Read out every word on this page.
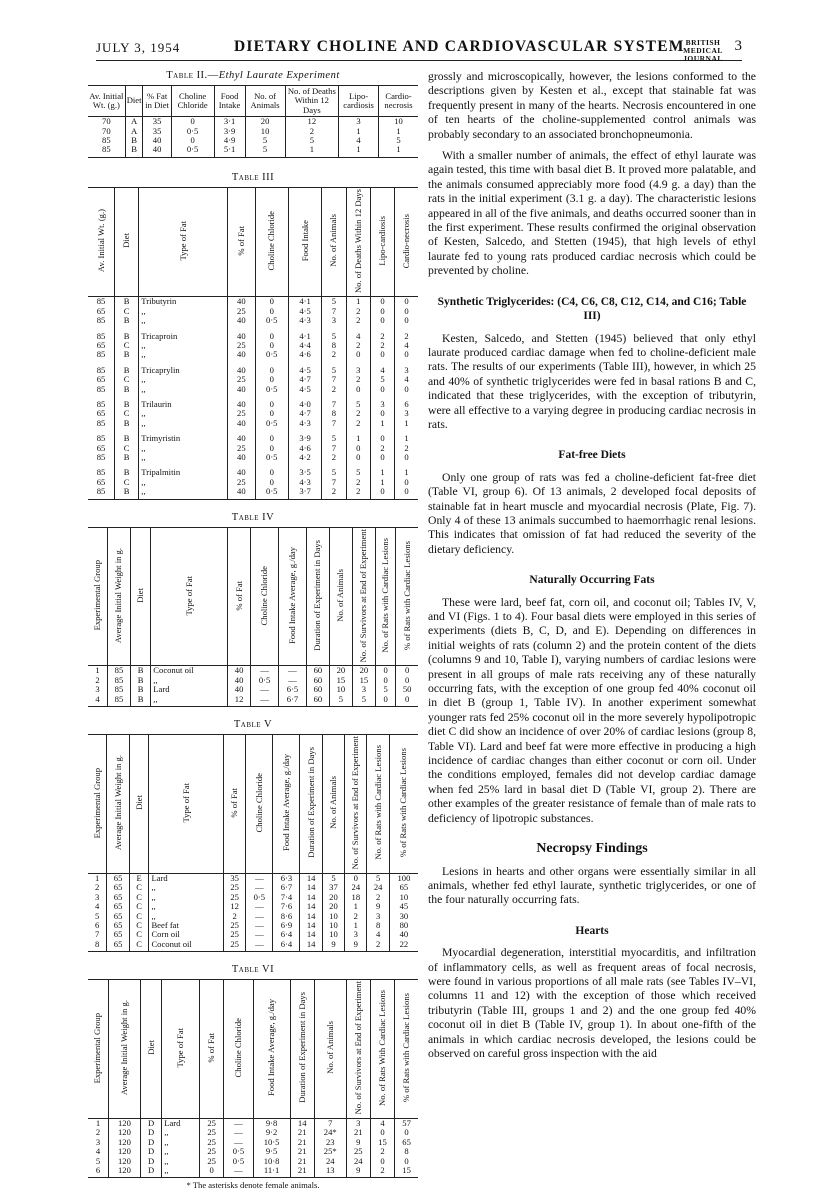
JULY 3, 1954	DIETARY CHOLINE AND CARDIOVASCULAR SYSTEM BRITISH MEDICAL JOURNAL
3
Table II.—Ethyl Laurate Experiment
Av. Initial Wt. (g.)	Diet	% Fat in Diet	Choline Chloride	Food Intake	No. of Animals	No. of Deaths Within 12 Days	Lipo-cardiosis	Cardio-necrosis
70	A	35	0	3·1	20	12	3	10
70	A	35	0·5	3·9	10	2	1	1
85	B	40	0	4·9	5	5	4	5
85	B	40	0·5	5·1	5	1	1	1
Table III
Av. Initial Wt. (g.)	Diet	Type of Fat	% of Fat	Choline Chloride	Food Intake	No. of Animals	No. of Deaths Within 12 Days	Lipo-cardiosis	Cardio-necrosis
85	B	Tributyrin	40	0	4·1	5	1	0	0
65	C	,,	25	0	4·5	7	2	0	0
85	B	,,	40	0·5	4·3	3	2	0	0
85	B	Tricaproin	40	0	4·1	5	4	2	2
65	C	,,	25	0	4·4	8	2	2	4
85	B	,,	40	0·5	4·6	2	0	0	0
85	B	Tricaprylin	40	0	4·5	5	3	4	3
65	C	,,	25	0	4·7	7	2	5	4
85	B	,,	40	0·5	4·5	2	0	0	0
85	B	Trilaurin	40	0	4·0	7	5	3	6
65	C	,,	25	0	4·7	8	2	0	3
85	B	,,	40	0·5	4·3	7	2	1	1
85	B	Trimyristin	40	0	3·9	5	1	0	1
65	C	,,	25	0	4·6	7	0	2	2
85	B	,,	40	0·5	4·2	2	0	0	0
85	B	Tripalmitin	40	0	3·5	5	5	1	1
65	C	,,	25	0	4·3	7	2	1	0
85	B	,,	40	0·5	3·7	2	2	0	0
Table IV
Experimental Group	Average Initial Weight in g.	Diet	Type of Fat	% of Fat	Choline Chloride	Food Intake Average, g./day	Duration of Experiment in Days	No. of Animals	No. of Survivors at End of Experiment	No. of Rats with Cardiac Lesions	% of Rats with Cardiac Lesions
1	85	B	Coconut oil	40	—	—	60	20	20	0	0
2	85	B	,,	40	0·5	—	60	15	15	0	0
3	85	B	Lard	40	—	6·5	60	10	3	5	50
4	85	B	,,	12	—	6·7	60	5	5	0	0
Table V
Experimental Group	Average Initial Weight in g.	Diet	Type of Fat	% of Fat	Choline Chloride	Food Intake Average, g./day	Duration of Experiment in Days	No. of Animals	No. of Survivors at End of Experiment	No. of Rats with Cardiac Lesions	% of Rats with Cardiac Lesions
1	65	E	Lard	35	—	6·3	14	5	0	5	100
2	65	C	,,	25	—	6·7	14	37	24	24	65
3	65	C	,,	25	0·5	7·4	14	20	18	2	10
4	65	C	,,	12	—	7·6	14	20	1	9	45
5	65	C	,,	2	—	8·6	14	10	2	3	30
6	65	C	Beef fat	25	—	6·9	14	10	1	8	80
7	65	C	Corn oil	25	—	6·4	14	10	3	4	40
8	65	C	Coconut oil	25	—	6·4	14	9	9	2	22
Table VI
Experimental Group	Average Initial Weight in g.	Diet	Type of Fat	% of Fat	Choline Chloride	Food Intake Average, g./day	Duration of Experiment in Days	No. of Animals	No. of Survivors at End of Experiment	No. of Rats With Cardiac Lesions	% of Rats with Cardiac Lesions
1	120	D	Lard	25	—	9·8	14	7	3	4	57
2	120	D	,,	25	—	9·2	21	24*	21	0	0
3	120	D	,,	25	—	10·5	21	23	9	15	65
4	120	D	,,	25	0·5	9·5	21	25*	25	2	8
5	120	D	,,	25	0·5	10·8	21	24	24	0	0
6	120	D	,,	0	—	11·1	21	13	9	2	15
* The asterisks denote female animals.

grossly and microscopically, however, the lesions conformed to the descriptions given by Kesten et al., except that stainable fat was frequently present in many of the hearts. Necrosis encountered in one of ten hearts of the choline-supplemented control animals was probably secondary to an associated bronchopneumonia.

With a smaller number of animals, the effect of ethyl laurate was again tested, this time with basal diet B. It proved more palatable, and the animals consumed appreciably more food (4.9 g. a day) than the rats in the initial experiment (3.1 g. a day). The characteristic lesions appeared in all of the five animals, and deaths occurred sooner than in the first experiment. These results confirmed the original observation of Kesten, Salcedo, and Stetten (1945), that high levels of ethyl laurate fed to young rats produced cardiac necrosis which could be prevented by choline.

Synthetic Triglycerides: (C4, C6, C8, C12, C14, and C16; Table III)

Kesten, Salcedo, and Stetten (1945) believed that only ethyl laurate produced cardiac damage when fed to choline-deficient male rats. The results of our experiments (Table III), however, in which 25 and 40% of synthetic triglycerides were fed in basal rations B and C, indicated that these triglycerides, with the exception of tributyrin, were all effective to a varying degree in producing cardiac necrosis in rats.

Fat-free Diets

Only one group of rats was fed a choline-deficient fat-free diet (Table VI, group 6). Of 13 animals, 2 developed focal deposits of stainable fat in heart muscle and myocardial necrosis (Plate, Fig. 7). Only 4 of these 13 animals succumbed to haemorrhagic renal lesions. This indicates that omission of fat had reduced the severity of the dietary deficiency.

Naturally Occurring Fats

These were lard, beef fat, corn oil, and coconut oil; Tables IV, V, and VI (Figs. 1 to 4). Four basal diets were employed in this series of experiments (diets B, C, D, and E). Depending on differences in initial weights of rats (column 2) and the protein content of the diets (columns 9 and 10, Table I), varying numbers of cardiac lesions were present in all groups of male rats receiving any of these naturally occurring fats, with the exception of one group fed 40% coconut oil in diet B (group 1, Table IV). In another experiment somewhat younger rats fed 25% coconut oil in the more severely hypolipotropic diet C did show an incidence of over 20% of cardiac lesions (group 8, Table VI). Lard and beef fat were more effective in producing a high incidence of cardiac changes than either coconut or corn oil. Under the conditions employed, females did not develop cardiac damage when fed 25% lard in basal diet D (Table VI, group 2). There are other examples of the greater resistance of female than of male rats to deficiency of lipotropic substances.

Necropsy Findings

Lesions in hearts and other organs were essentially similar in all animals, whether fed ethyl laurate, synthetic triglycerides, or one of the four naturally occurring fats.

Hearts

Myocardial degeneration, interstitial myocarditis, and infiltration of inflammatory cells, as well as frequent areas of focal necrosis, were found in various proportions of all male rats (see Tables IV–VI, columns 11 and 12) with the exception of those which received tributyrin (Table III, groups 1 and 2) and the one group fed 40% coconut oil in diet B (Table IV, group 1). In about one-fifth of the animals in which cardiac necrosis developed, the lesions could be observed on careful gross inspection with the aid
